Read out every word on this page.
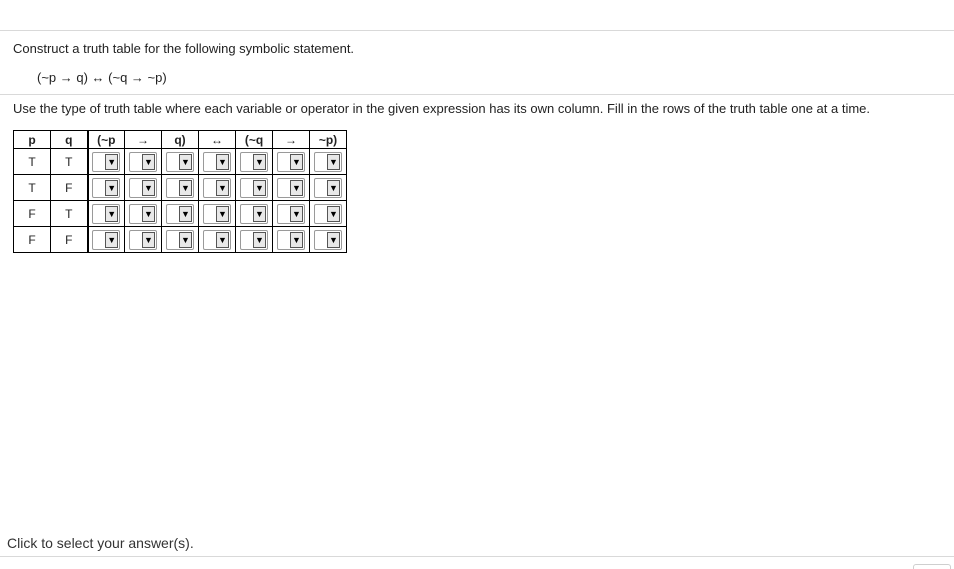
Construct a truth table for the following symbolic statement.
(~p → q) ↔ (~q → ~p)
Use the type of truth table where each variable or operator in the given expression has its own column. Fill in the rows of the truth table one at a time.
p	q	(~p	→	q)	↔	(~q	→	~p)
T	T	▼	▼	▼	▼	▼	▼	▼

T	F	▼	▼	▼	▼	▼	▼	▼

F	T	▼	▼	▼	▼	▼	▼	▼

F	F	▼	▼	▼	▼	▼	▼	▼
Click to select your answer(s).
